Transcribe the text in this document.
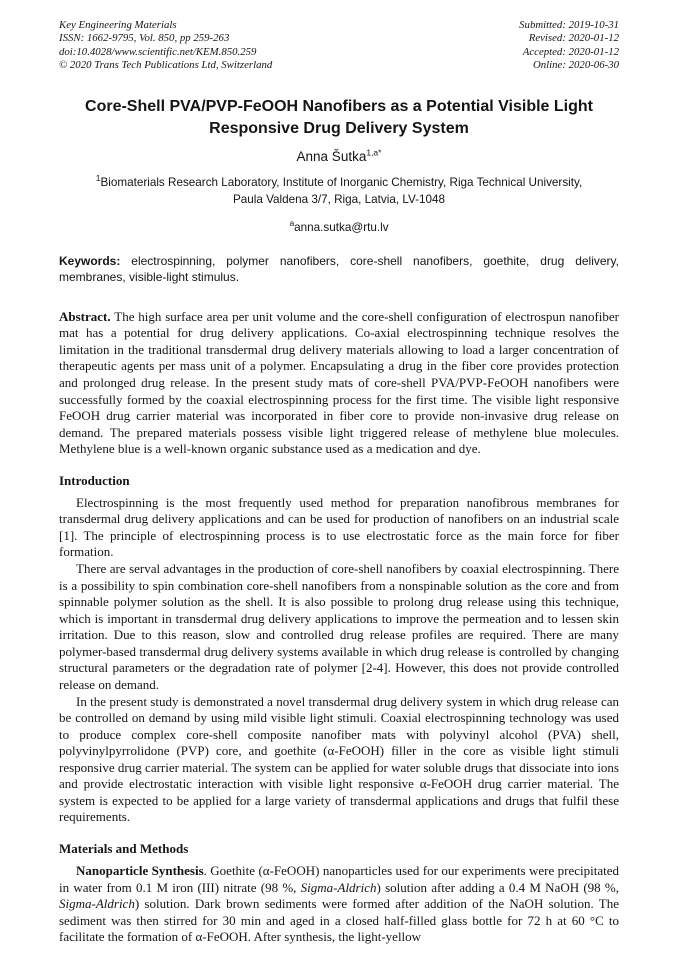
Key Engineering Materials
ISSN: 1662-9795, Vol. 850, pp 259-263
doi:10.4028/www.scientific.net/KEM.850.259
© 2020 Trans Tech Publications Ltd, Switzerland
Submitted: 2019-10-31
Revised: 2020-01-12
Accepted: 2020-01-12
Online: 2020-06-30
Core-Shell PVA/PVP-FeOOH Nanofibers as a Potential Visible Light Responsive Drug Delivery System
Anna Šutka$^{1,a*}$
$^1$Biomaterials Research Laboratory, Institute of Inorganic Chemistry, Riga Technical University,
Paula Valdena 3/7, Riga, Latvia, LV-1048
$^a$anna.sutka@rtu.lv
Keywords: electrospinning, polymer nanofibers, core-shell nanofibers, goethite, drug delivery, membranes, visible-light stimulus.

Abstract. The high surface area per unit volume and the core-shell configuration of electrospun nanofiber mat has a potential for drug delivery applications. Co-axial electrospinning technique resolves the limitation in the traditional transdermal drug delivery materials allowing to load a larger concentration of therapeutic agents per mass unit of a polymer. Encapsulating a drug in the fiber core provides protection and prolonged drug release. In the present study mats of core-shell PVA/PVP-FeOOH nanofibers were successfully formed by the coaxial electrospinning process for the first time. The visible light responsive FeOOH drug carrier material was incorporated in fiber core to provide non-invasive drug release on demand. The prepared materials possess visible light triggered release of methylene blue molecules. Methylene blue is a well-known organic substance used as a medication and dye.

Introduction

Electrospinning is the most frequently used method for preparation nanofibrous membranes for transdermal drug delivery applications and can be used for production of nanofibers on an industrial scale [1]. The principle of electrospinning process is to use electrostatic force as the main force for fiber formation.

There are serval advantages in the production of core-shell nanofibers by coaxial electrospinning. There is a possibility to spin combination core-shell nanofibers from a nonspinable solution as the core and from spinnable polymer solution as the shell. It is also possible to prolong drug release using this technique, which is important in transdermal drug delivery applications to improve the permeation and to lessen skin irritation. Due to this reason, slow and controlled drug release profiles are required. There are many polymer-based transdermal drug delivery systems available in which drug release is controlled by changing structural parameters or the degradation rate of polymer [2-4]. However, this does not provide controlled release on demand.

In the present study is demonstrated a novel transdermal drug delivery system in which drug release can be controlled on demand by using mild visible light stimuli. Coaxial electrospinning technology was used to produce complex core-shell composite nanofiber mats with polyvinyl alcohol (PVA) shell, polyvinylpyrrolidone (PVP) core, and goethite (α-FeOOH) filler in the core as visible light stimuli responsive drug carrier material. The system can be applied for water soluble drugs that dissociate into ions and provide electrostatic interaction with visible light responsive α-FeOOH drug carrier material. The system is expected to be applied for a large variety of transdermal applications and drugs that fulfil these requirements.

Materials and Methods

Nanoparticle Synthesis. Goethite (α-FeOOH) nanoparticles used for our experiments were precipitated in water from 0.1 M iron (III) nitrate (98 %, Sigma-Aldrich) solution after adding a 0.4 M NaOH (98 %, Sigma-Aldrich) solution. Dark brown sediments were formed after addition of the NaOH solution. The sediment was then stirred for 30 min and aged in a closed half-filled glass bottle for 72 h at 60 °C to facilitate the formation of α-FeOOH. After synthesis, the light-yellow
